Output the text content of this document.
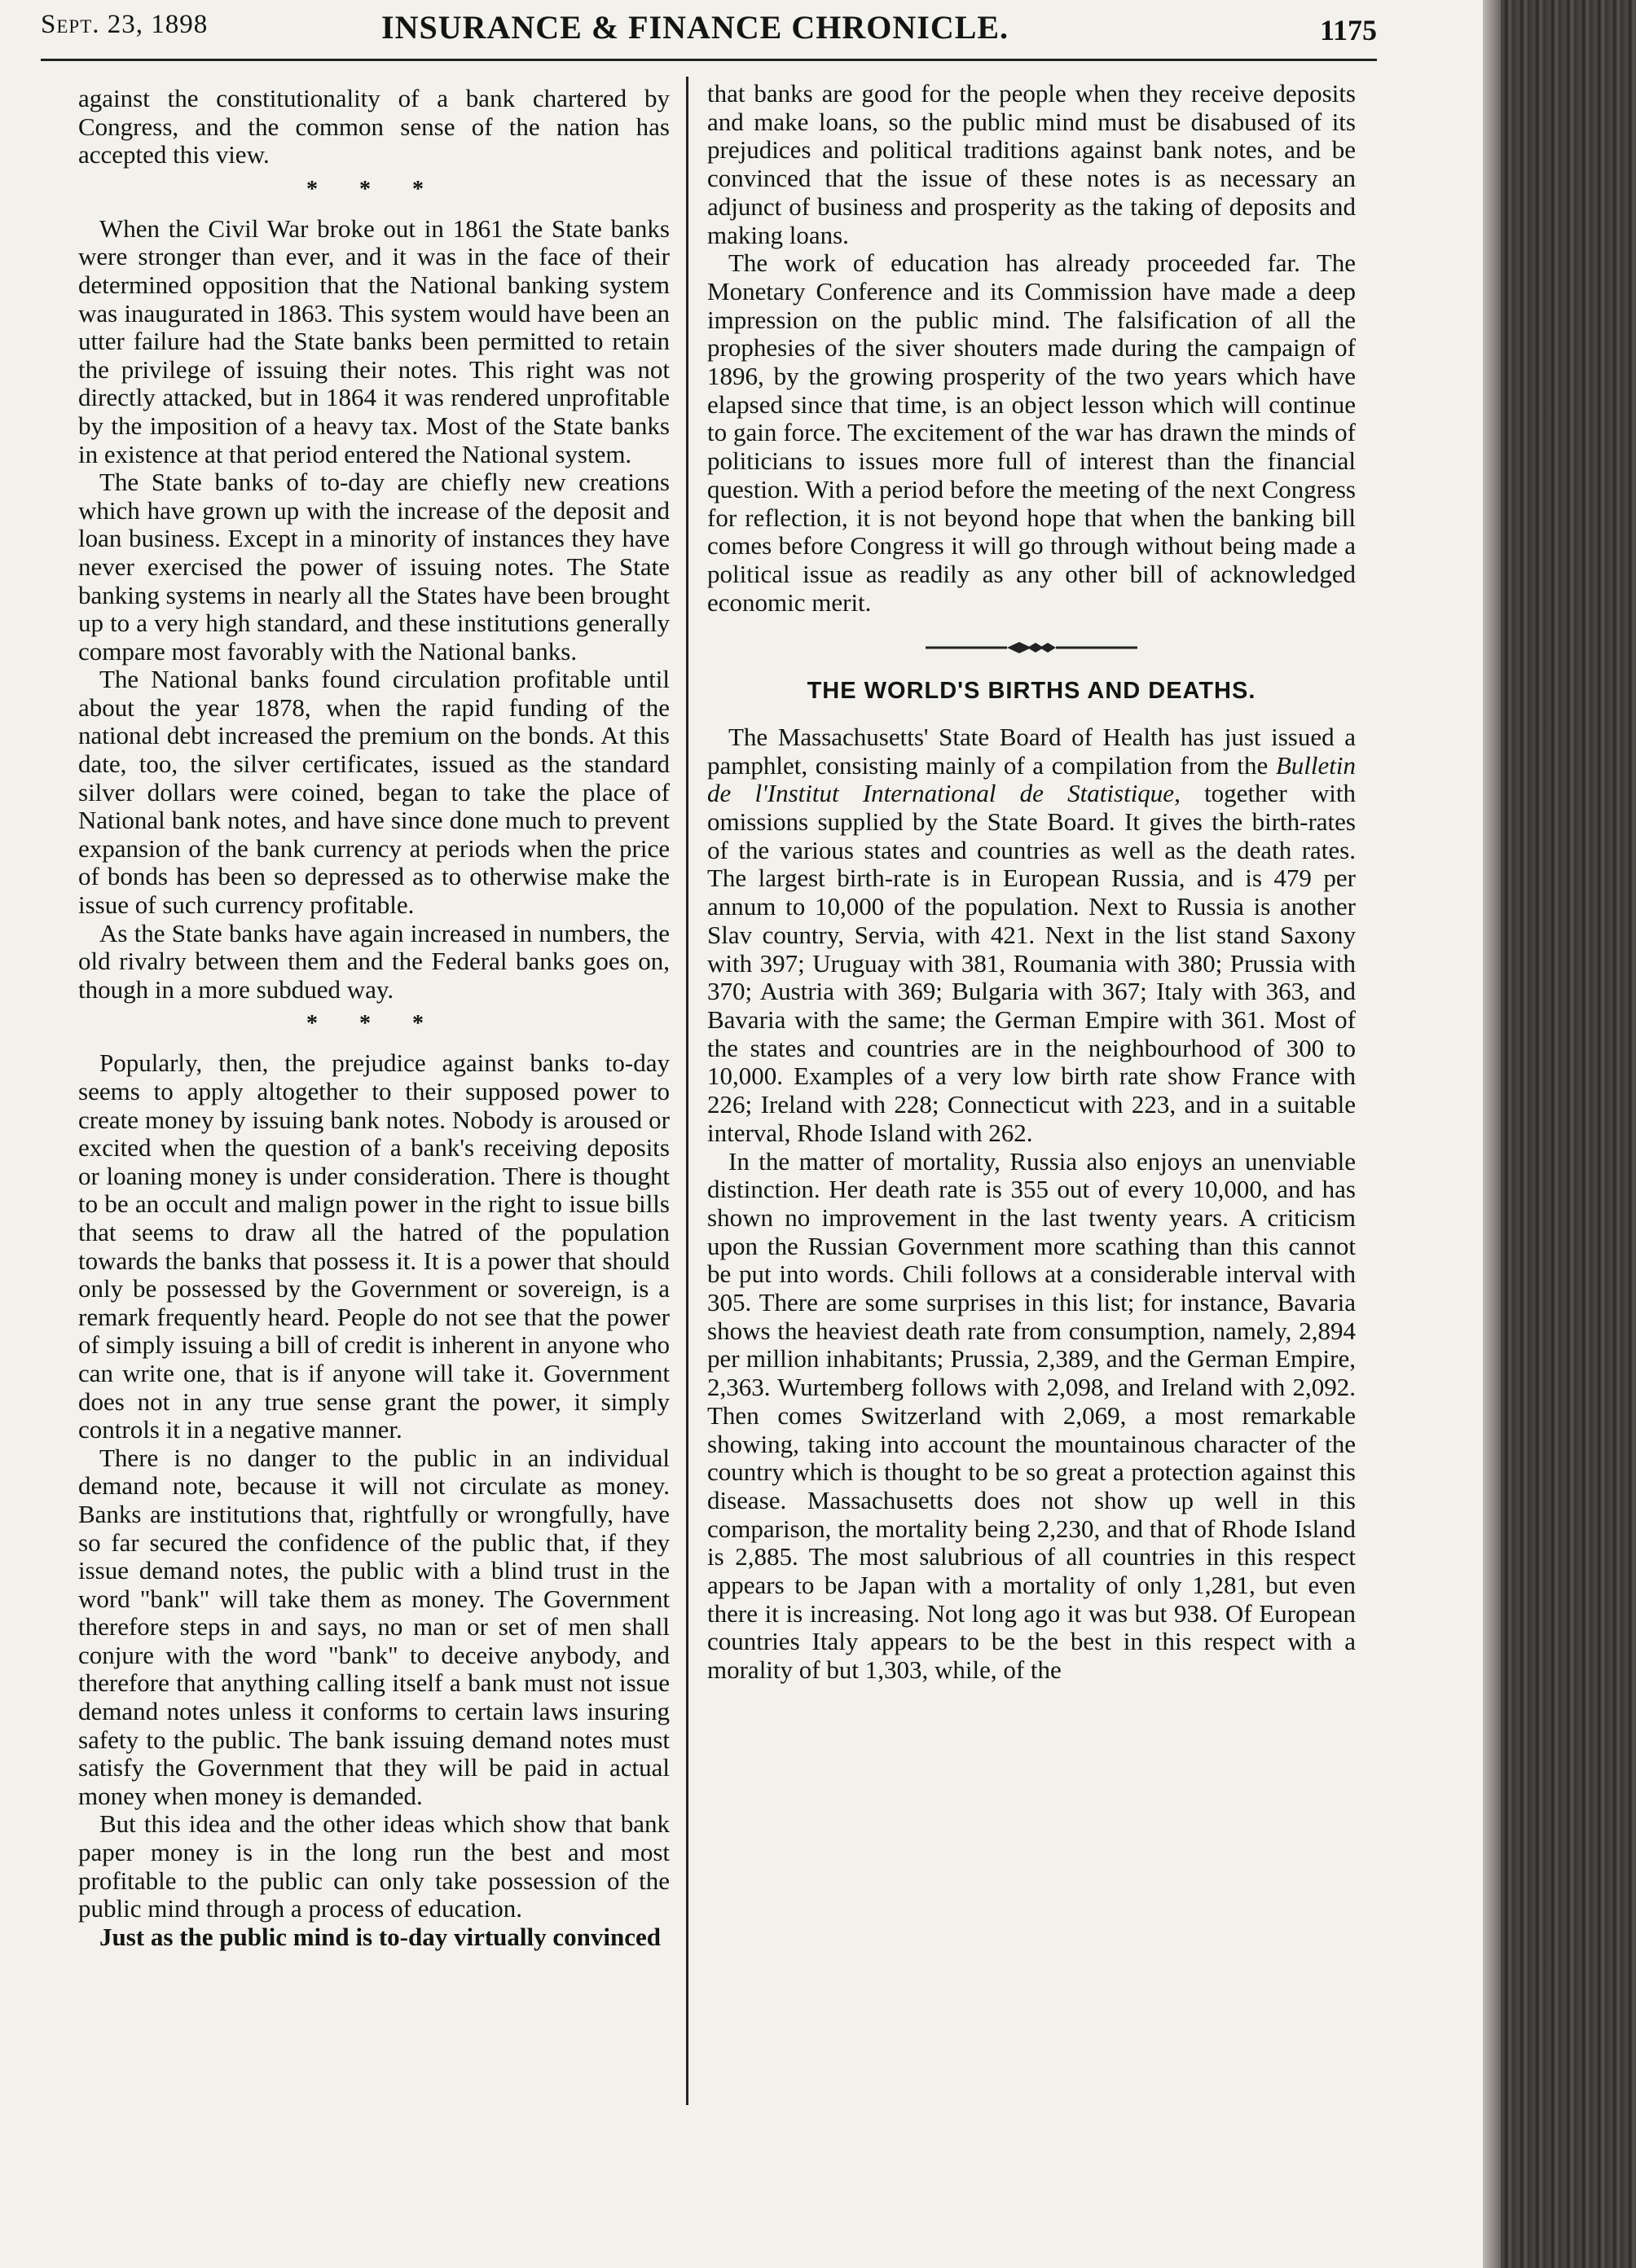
Sept. 23, 1898	INSURANCE & FINANCE CHRONICLE.	1175

against the constitutionality of a bank chartered by Congress, and the common sense of the nation has accepted this view.

* * *

When the Civil War broke out in 1861 the State banks were stronger than ever, and it was in the face of their determined opposition that the National banking system was inaugurated in 1863. This system would have been an utter failure had the State banks been permitted to retain the privilege of issuing their notes. This right was not directly attacked, but in 1864 it was rendered unprofitable by the imposition of a heavy tax. Most of the State banks in existence at that period entered the National system.

The State banks of to-day are chiefly new creations which have grown up with the increase of the deposit and loan business. Except in a minority of instances they have never exercised the power of issuing notes. The State banking systems in nearly all the States have been brought up to a very high standard, and these institutions generally compare most favorably with the National banks.

The National banks found circulation profitable until about the year 1878, when the rapid funding of the national debt increased the premium on the bonds. At this date, too, the silver certificates, issued as the standard silver dollars were coined, began to take the place of National bank notes, and have since done much to prevent expansion of the bank currency at periods when the price of bonds has been so depressed as to otherwise make the issue of such currency profitable.

As the State banks have again increased in numbers, the old rivalry between them and the Federal banks goes on, though in a more subdued way.

* * *

Popularly, then, the prejudice against banks to-day seems to apply altogether to their supposed power to create money by issuing bank notes. Nobody is aroused or excited when the question of a bank's receiving deposits or loaning money is under consideration. There is thought to be an occult and malign power in the right to issue bills that seems to draw all the hatred of the population towards the banks that possess it. It is a power that should only be possessed by the Government or sovereign, is a remark frequently heard. People do not see that the power of simply issuing a bill of credit is inherent in anyone who can write one, that is if anyone will take it. Government does not in any true sense grant the power, it simply controls it in a negative manner.

There is no danger to the public in an individual demand note, because it will not circulate as money. Banks are institutions that, rightfully or wrongfully, have so far secured the confidence of the public that, if they issue demand notes, the public with a blind trust in the word "bank" will take them as money. The Government therefore steps in and says, no man or set of men shall conjure with the word "bank" to deceive anybody, and therefore that anything calling itself a bank must not issue demand notes unless it conforms to certain laws insuring safety to the public. The bank issuing demand notes must satisfy the Government that they will be paid in actual money when money is demanded.

But this idea and the other ideas which show that bank paper money is in the long run the best and most profitable to the public can only take possession of the public mind through a process of education.

Just as the public mind is to-day virtually convinced

that banks are good for the people when they receive deposits and make loans, so the public mind must be disabused of its prejudices and political traditions against bank notes, and be convinced that the issue of these notes is as necessary an adjunct of business and prosperity as the taking of deposits and making loans.

The work of education has already proceeded far. The Monetary Conference and its Commission have made a deep impression on the public mind. The falsification of all the prophesies of the siver shouters made during the campaign of 1896, by the growing prosperity of the two years which have elapsed since that time, is an object lesson which will continue to gain force. The excitement of the war has drawn the minds of politicians to issues more full of interest than the financial question. With a period before the meeting of the next Congress for reflection, it is not beyond hope that when the banking bill comes before Congress it will go through without being made a political issue as readily as any other bill of acknowledged economic merit.

THE WORLD'S BIRTHS AND DEATHS.

The Massachusetts' State Board of Health has just issued a pamphlet, consisting mainly of a compilation from the Bulletin de l'Institut International de Statistique, together with omissions supplied by the State Board. It gives the birth-rates of the various states and countries as well as the death rates. The largest birth-rate is in European Russia, and is 479 per annum to 10,000 of the population. Next to Russia is another Slav country, Servia, with 421. Next in the list stand Saxony with 397; Uruguay with 381, Roumania with 380; Prussia with 370; Austria with 369; Bulgaria with 367; Italy with 363, and Bavaria with the same; the German Empire with 361. Most of the states and countries are in the neighbourhood of 300 to 10,000. Examples of a very low birth rate show France with 226; Ireland with 228; Connecticut with 223, and in a suitable interval, Rhode Island with 262.

In the matter of mortality, Russia also enjoys an unenviable distinction. Her death rate is 355 out of every 10,000, and has shown no improvement in the last twenty years. A criticism upon the Russian Government more scathing than this cannot be put into words. Chili follows at a considerable interval with 305. There are some surprises in this list; for instance, Bavaria shows the heaviest death rate from consumption, namely, 2,894 per million inhabitants; Prussia, 2,389, and the German Empire, 2,363. Wurtemberg follows with 2,098, and Ireland with 2,092. Then comes Switzerland with 2,069, a most remarkable showing, taking into account the mountainous character of the country which is thought to be so great a protection against this disease. Massachusetts does not show up well in this comparison, the mortality being 2,230, and that of Rhode Island is 2,885. The most salubrious of all countries in this respect appears to be Japan with a mortality of only 1,281, but even there it is increasing. Not long ago it was but 938. Of European countries Italy appears to be the best in this respect with a morality of but 1,303, while, of the
